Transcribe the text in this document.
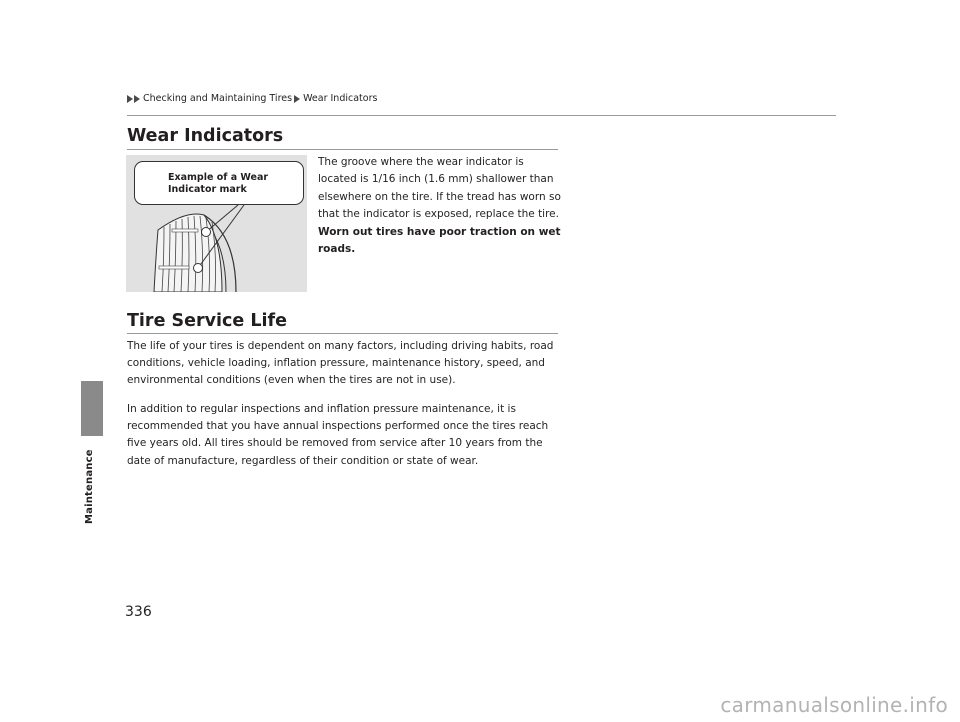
Checking and Maintaining Tires Wear Indicators
Maintenance
Wear Indicators
Example of a Wear
Indicator mark
The groove where the wear indicator is located is 1/16 inch (1.6 mm) shallower than elsewhere on the tire. If the tread has worn so that the indicator is exposed, replace the tire. Worn out tires have poor traction on wet roads.
Tire Service Life
The life of your tires is dependent on many factors, including driving habits, road conditions, vehicle loading, inflation pressure, maintenance history, speed, and environmental conditions (even when the tires are not in use).
In addition to regular inspections and inflation pressure maintenance, it is recommended that you have annual inspections performed once the tires reach five years old. All tires should be removed from service after 10 years from the date of manufacture, regardless of their condition or state of wear.
336
carmanualsonline.info
